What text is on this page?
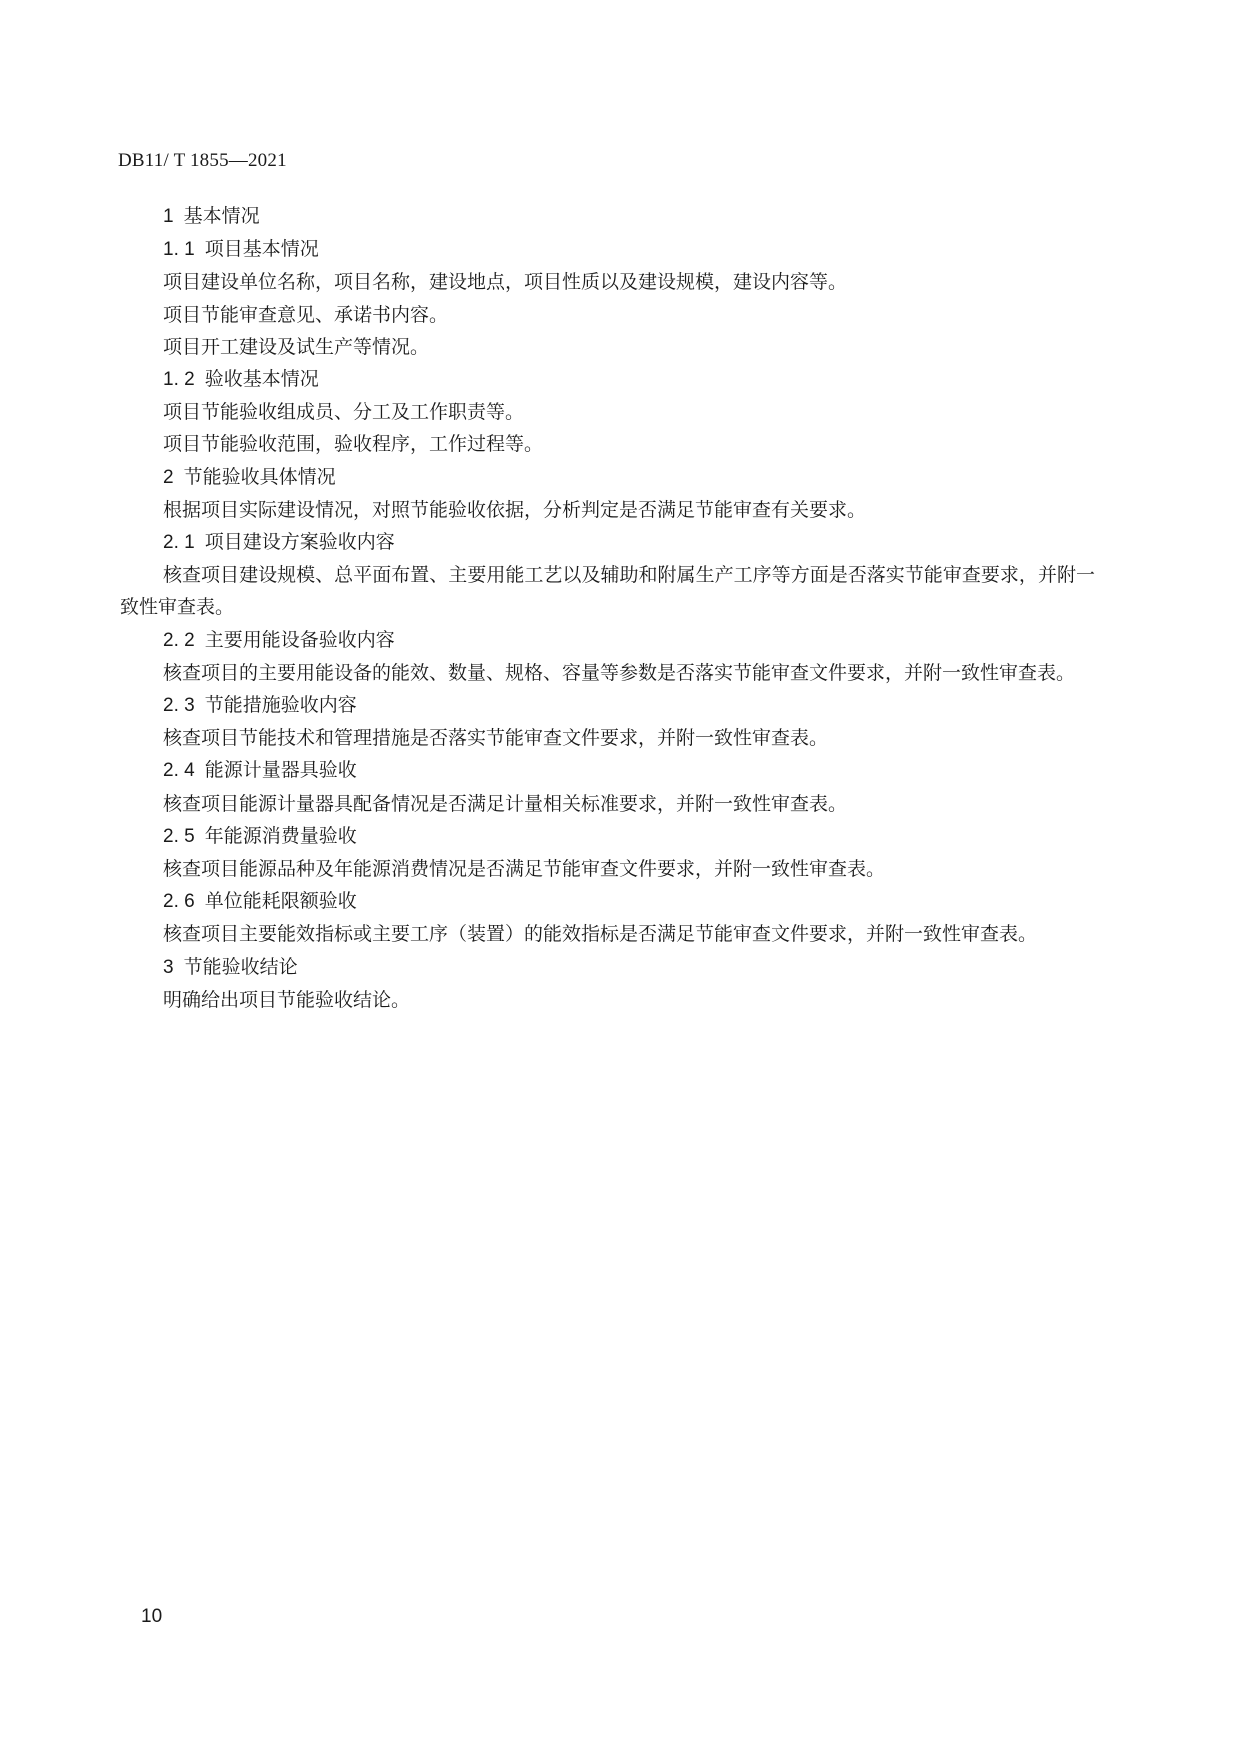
DB11/ T 1855—2021
1 基本情况
1. 1 项目基本情况
项目建设单位名称，项目名称，建设地点，项目性质以及建设规模，建设内容等。
项目节能审查意见、承诺书内容。
项目开工建设及试生产等情况。
1. 2 验收基本情况
项目节能验收组成员、分工及工作职责等。
项目节能验收范围，验收程序，工作过程等。
2 节能验收具体情况
根据项目实际建设情况，对照节能验收依据，分析判定是否满足节能审查有关要求。
2. 1 项目建设方案验收内容
核查项目建设规模、总平面布置、主要用能工艺以及辅助和附属生产工序等方面是否落实节能审查要求，并附一致性审查表。
2. 2 主要用能设备验收内容
核查项目的主要用能设备的能效、数量、规格、容量等参数是否落实节能审查文件要求，并附一致性审查表。
2. 3 节能措施验收内容
核查项目节能技术和管理措施是否落实节能审查文件要求，并附一致性审查表。
2. 4 能源计量器具验收
核查项目能源计量器具配备情况是否满足计量相关标准要求，并附一致性审查表。
2. 5 年能源消费量验收
核查项目能源品种及年能源消费情况是否满足节能审查文件要求，并附一致性审查表。
2. 6 单位能耗限额验收
核查项目主要能效指标或主要工序（装置）的能效指标是否满足节能审查文件要求，并附一致性审查表。
3 节能验收结论
明确给出项目节能验收结论。
10
